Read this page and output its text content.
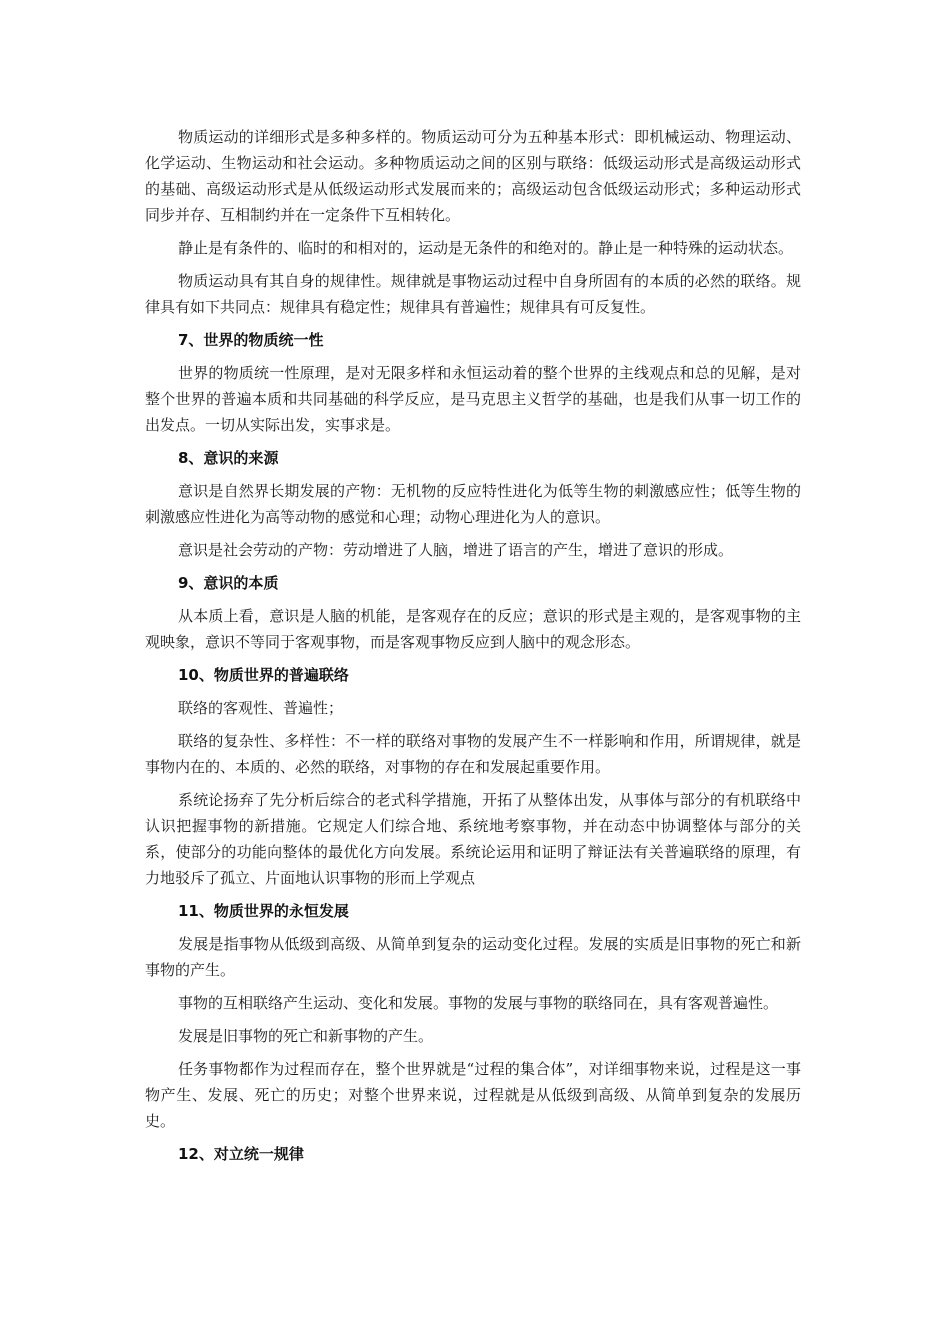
物质运动的详细形式是多种多样的。物质运动可分为五种基本形式：即机械运动、物理运动、化学运动、生物运动和社会运动。多种物质运动之间的区别与联络：低级运动形式是高级运动形式的基础、高级运动形式是从低级运动形式发展而来的；高级运动包含低级运动形式；多种运动形式同步并存、互相制约并在一定条件下互相转化。

静止是有条件的、临时的和相对的，运动是无条件的和绝对的。静止是一种特殊的运动状态。

物质运动具有其自身的规律性。规律就是事物运动过程中自身所固有的本质的必然的联络。规律具有如下共同点：规律具有稳定性；规律具有普遍性；规律具有可反复性。

7、世界的物质统一性

世界的物质统一性原理，是对无限多样和永恒运动着的整个世界的主线观点和总的见解，是对整个世界的普遍本质和共同基础的科学反应，是马克思主义哲学的基础，也是我们从事一切工作的出发点。一切从实际出发，实事求是。

8、意识的来源

意识是自然界长期发展的产物：无机物的反应特性进化为低等生物的刺激感应性；低等生物的刺激感应性进化为高等动物的感觉和心理；动物心理进化为人的意识。

意识是社会劳动的产物：劳动增进了人脑，增进了语言的产生，增进了意识的形成。

9、意识的本质

从本质上看，意识是人脑的机能，是客观存在的反应；意识的形式是主观的，是客观事物的主观映象，意识不等同于客观事物，而是客观事物反应到人脑中的观念形态。

10、物质世界的普遍联络

联络的客观性、普遍性；

联络的复杂性、多样性：不一样的联络对事物的发展产生不一样影响和作用，所谓规律，就是事物内在的、本质的、必然的联络，对事物的存在和发展起重要作用。

系统论扬弃了先分析后综合的老式科学措施，开拓了从整体出发，从事体与部分的有机联络中认识把握事物的新措施。它规定人们综合地、系统地考察事物，并在动态中协调整体与部分的关系，使部分的功能向整体的最优化方向发展。系统论运用和证明了辩证法有关普遍联络的原理，有力地驳斥了孤立、片面地认识事物的形而上学观点

11、物质世界的永恒发展

发展是指事物从低级到高级、从简单到复杂的运动变化过程。发展的实质是旧事物的死亡和新事物的产生。

事物的互相联络产生运动、变化和发展。事物的发展与事物的联络同在，具有客观普遍性。

发展是旧事物的死亡和新事物的产生。

任务事物都作为过程而存在，整个世界就是“过程的集合体”，对详细事物来说，过程是这一事物产生、发展、死亡的历史；对整个世界来说，过程就是从低级到高级、从简单到复杂的发展历史。

12、对立统一规律
